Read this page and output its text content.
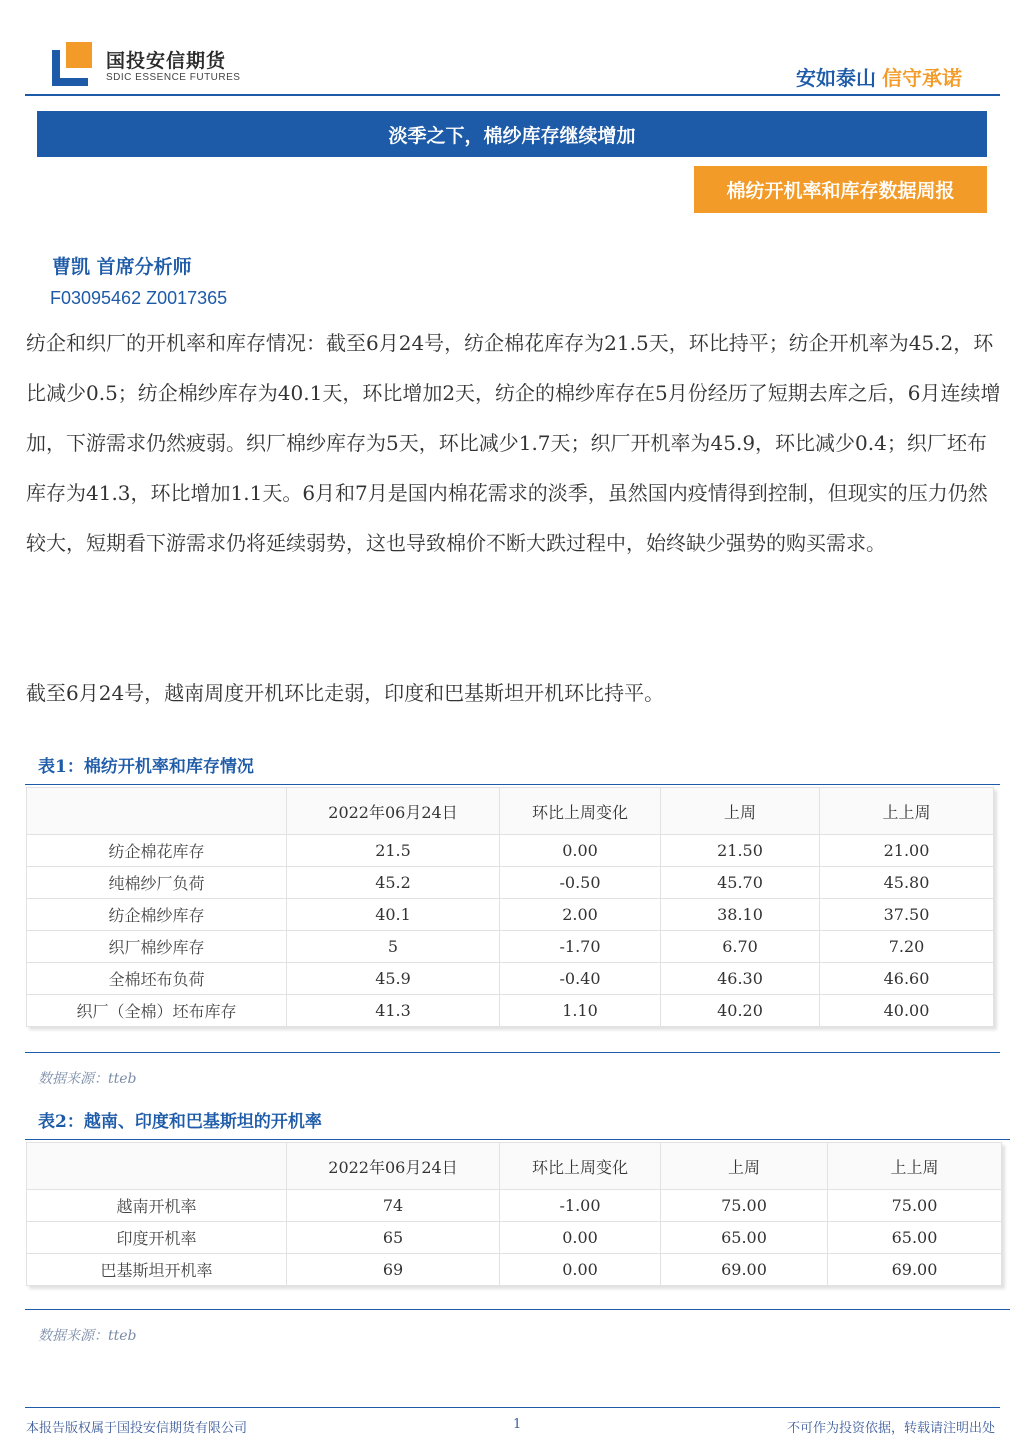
国投安信期货
SDIC ESSENCE FUTURES	安如泰山 信守承诺
淡季之下，棉纱库存继续增加
棉纺开机率和库存数据周报
曹凯 首席分析师
F03095462 Z0017365

纺企和织厂的开机率和库存情况：截至6月24号，纺企棉花库存为21.5天，环比持平；纺企开机率为45.2，环比减少0.5；纺企棉纱库存为40.1天，环比增加2天，纺企的棉纱库存在5月份经历了短期去库之后，6月连续增加，下游需求仍然疲弱。织厂棉纱库存为5天，环比减少1.7天；织厂开机率为45.9，环比减少0.4；织厂坯布库存为41.3，环比增加1.1天。6月和7月是国内棉花需求的淡季，虽然国内疫情得到控制，但现实的压力仍然较大，短期看下游需求仍将延续弱势，这也导致棉价不断大跌过程中，始终缺少强势的购买需求。

截至6月24号，越南周度开机环比走弱，印度和巴基斯坦开机环比持平。

表1：棉纺开机率和库存情况
	2022年06月24日	环比上周变化	上周	上上周
纺企棉花库存	21.5	0.00	21.50	21.00
纯棉纱厂负荷	45.2	-0.50	45.70	45.80
纺企棉纱库存	40.1	2.00	38.10	37.50
织厂棉纱库存	5	-1.70	6.70	7.20
全棉坯布负荷	45.9	-0.40	46.30	46.60
织厂（全棉）坯布库存	41.3	1.10	40.20	40.00
数据来源：tteb
表2：越南、印度和巴基斯坦的开机率
	2022年06月24日	环比上周变化	上周	上上周
越南开机率	74	-1.00	75.00	75.00
印度开机率	65	0.00	65.00	65.00
巴基斯坦开机率	69	0.00	69.00	69.00
数据来源：tteb
本报告版权属于国投安信期货有限公司	1	不可作为投资依据，转载请注明出处
